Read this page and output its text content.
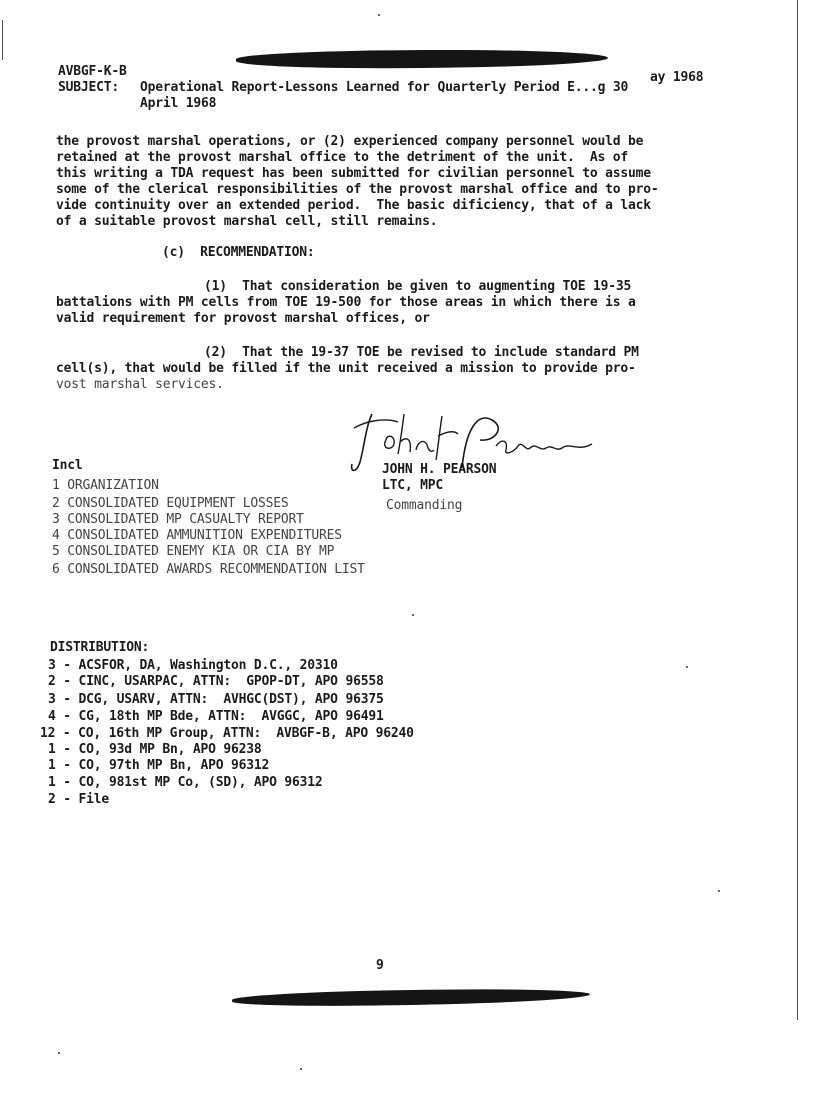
AVBGF-K-B	ay 1968
SUBJECT: Operational Report-Lessons Learned for Quarterly Period E...g 30
April 1968
the provost marshal operations, or (2) experienced company personnel would be
retained at the provost marshal office to the detriment of the unit.  As of
this writing a TDA request has been submitted for civilian personnel to assume
some of the clerical responsibilities of the provost marshal office and to pro-
vide continuity over an extended period.  The basic dificiency, that of a lack
of a suitable provost marshal cell, still remains.
(c)  RECOMMENDATION:
(1)  That consideration be given to augmenting TOE 19-35
battalions with PM cells from TOE 19-500 for those areas in which there is a
valid requirement for provost marshal offices, or
(2)  That the 19-37 TOE be revised to include standard PM
cell(s), that would be filled if the unit received a mission to provide pro-
vost marshal services.
JOHN H. PEARSON
LTC, MPC
Commanding
Incl
1 ORGANIZATION
2 CONSOLIDATED EQUIPMENT LOSSES
3 CONSOLIDATED MP CASUALTY REPORT
4 CONSOLIDATED AMMUNITION EXPENDITURES
5 CONSOLIDATED ENEMY KIA OR CIA BY MP
6 CONSOLIDATED AWARDS RECOMMENDATION LIST
DISTRIBUTION:
3 - ACSFOR, DA, Washington D.C., 20310
2 - CINC, USARPAC, ATTN:  GPOP-DT, APO 96558
3 - DCG, USARV, ATTN:  AVHGC(DST), APO 96375
4 - CG, 18th MP Bde, ATTN:  AVGGC, APO 96491
12 - CO, 16th MP Group, ATTN:  AVBGF-B, APO 96240
1 - CO, 93d MP Bn, APO 96238
1 - CO, 97th MP Bn, APO 96312
1 - CO, 981st MP Co, (SD), APO 96312
2 - File
9
